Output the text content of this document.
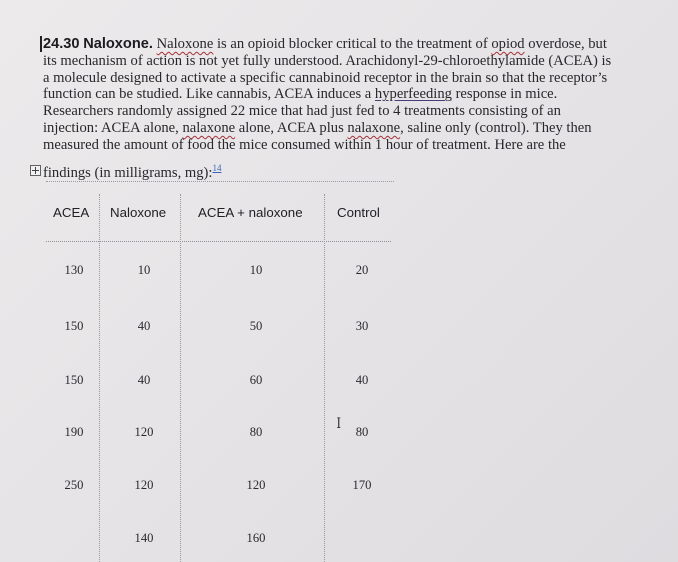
24.30 Naloxone. Naloxone is an opioid blocker critical to the treatment of opiod overdose, but
its mechanism of action is not yet fully understood. Arachidonyl-29-chloroethylamide (ACEA) is
a molecule designed to activate a specific cannabinoid receptor in the brain so that the receptor’s
function can be studied. Like cannabis, ACEA induces a hyperfeeding response in mice.
Researchers randomly assigned 22 mice that had just fed to 4 treatments consisting of an
injection: ACEA alone, nalaxone alone, ACEA plus nalaxone, saline only (control). They then
measured the amount of food the mice consumed within 1 hour of treatment. Here are the
findings (in milligrams, mg):$^{14}$
ACEA Naloxone ACEA + naloxone	Control
130
150
150
190
250
10
40
40
120
120
140
10
50
60
80
120
160
20
30
40
80
170
I
